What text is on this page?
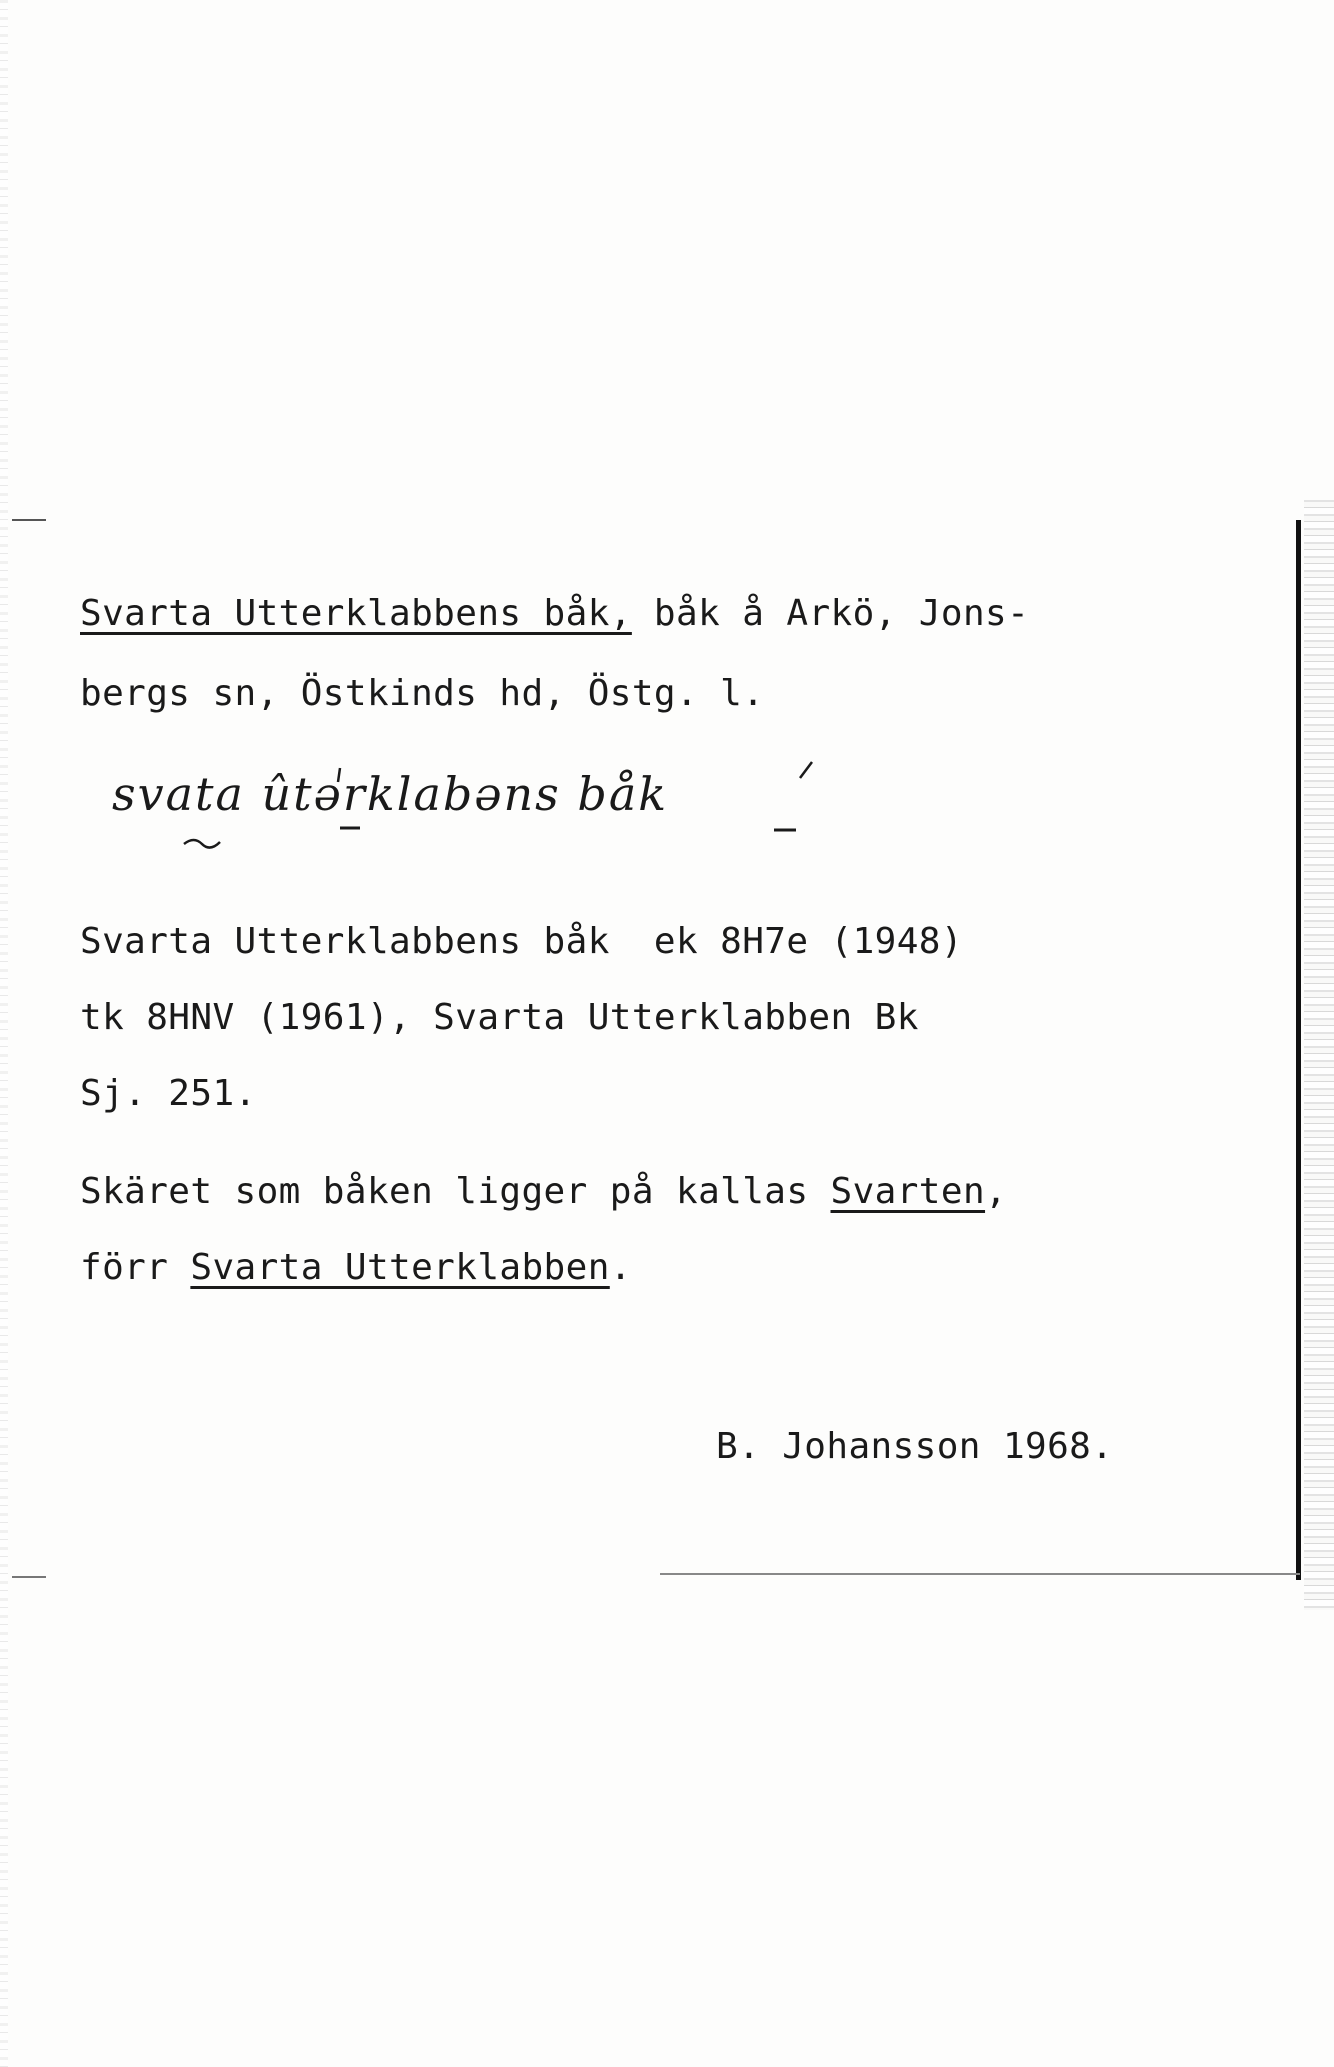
Svarta Utterklabbens båk, båk å Arkö, Jons-
bergs sn, Östkinds hd, Östg. l.
svata ûtərklabəns båk
Svarta Utterklabbens båk  ek 8H7e (1948)
tk 8HNV (1961), Svarta Utterklabben Bk
Sj. 251.
Skäret som båken ligger på kallas Svarten,
förr Svarta Utterklabben.
B. Johansson 1968.
